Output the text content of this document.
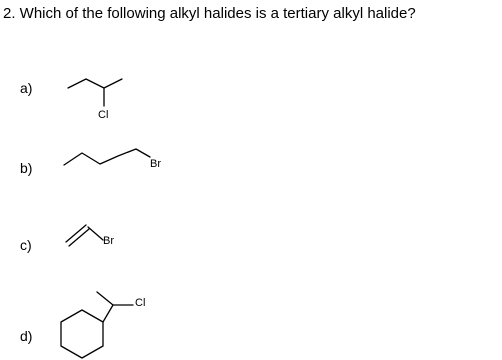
2. Which of the following alkyl halides is a tertiary alkyl halide?
a)
Cl
b)	Br
c)	Br
d)
Cl
